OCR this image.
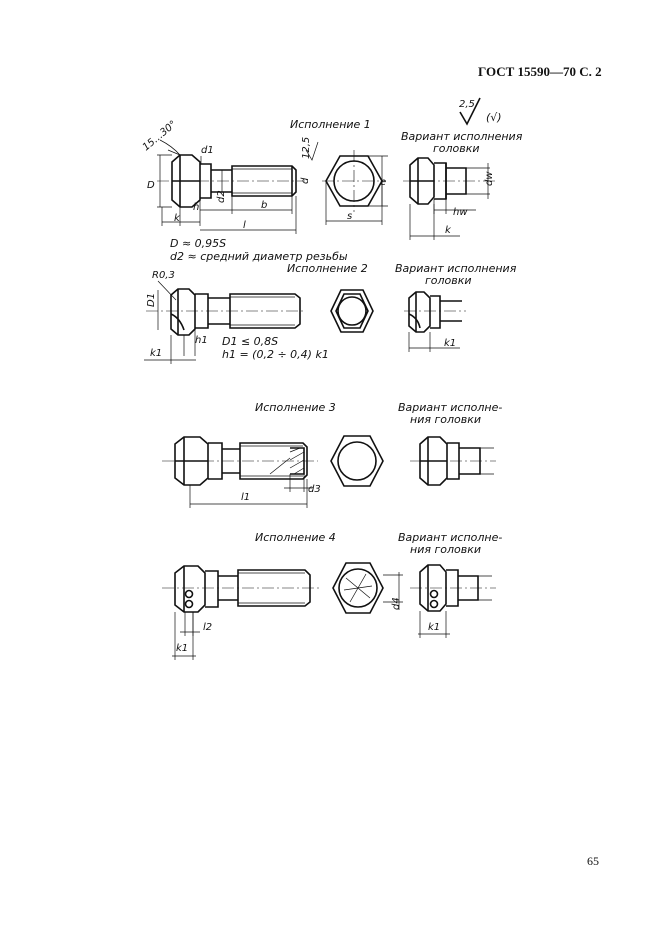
ГОСТ 15590—70 С. 2
65
2,5
(√)
Исполнение 1
Вариант исполнения
головки
D
15…30° d1
d2
h
k
b
l
12,5
d	e
s
dw
hw
k
D ≈ 0,95S
d2 ≈ средний диаметр резьбы
Исполнение 2 Вариант исполнения
головки
R0,3
D1
h1
k1
k1
D1 ≤ 0,8S
h1 = (0,2 ÷ 0,4) k1
Исполнение 3	Вариант исполне-
ния головки
l1
d3
Исполнение 4	Вариант исполне-
ния головки
k1
l2
d4
k1
